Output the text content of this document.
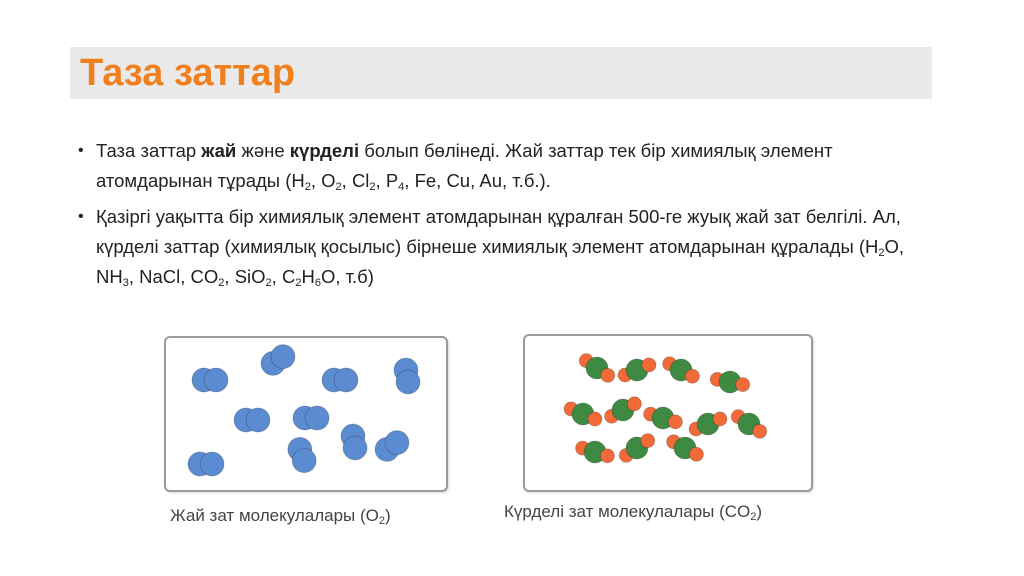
Таза заттар
• Таза заттар жай және күрделі болып бөлінеді. Жай заттар тек бір химиялық элемент атомдарынан тұрады ($H_2$, $O_2$, $Cl_2$, $P_4$, Fe, Cu, Au, т.б.).

• Қазіргі уақытта бір химиялық элемент атомдарынан құралған 500-ге жуық жай зат белгілі. Ал, күрделі заттар (химиялық қосылыс) бірнеше химиялық элемент атомдарынан құралады ($H_2O$, $NH_3$, NaCl, $CO_2$, SiO$_2$, $C_2H_6O$, т.б)

Жай зат молекулалары $(O_2)$	Күрделі зат молекулалары $(CO_2)$
